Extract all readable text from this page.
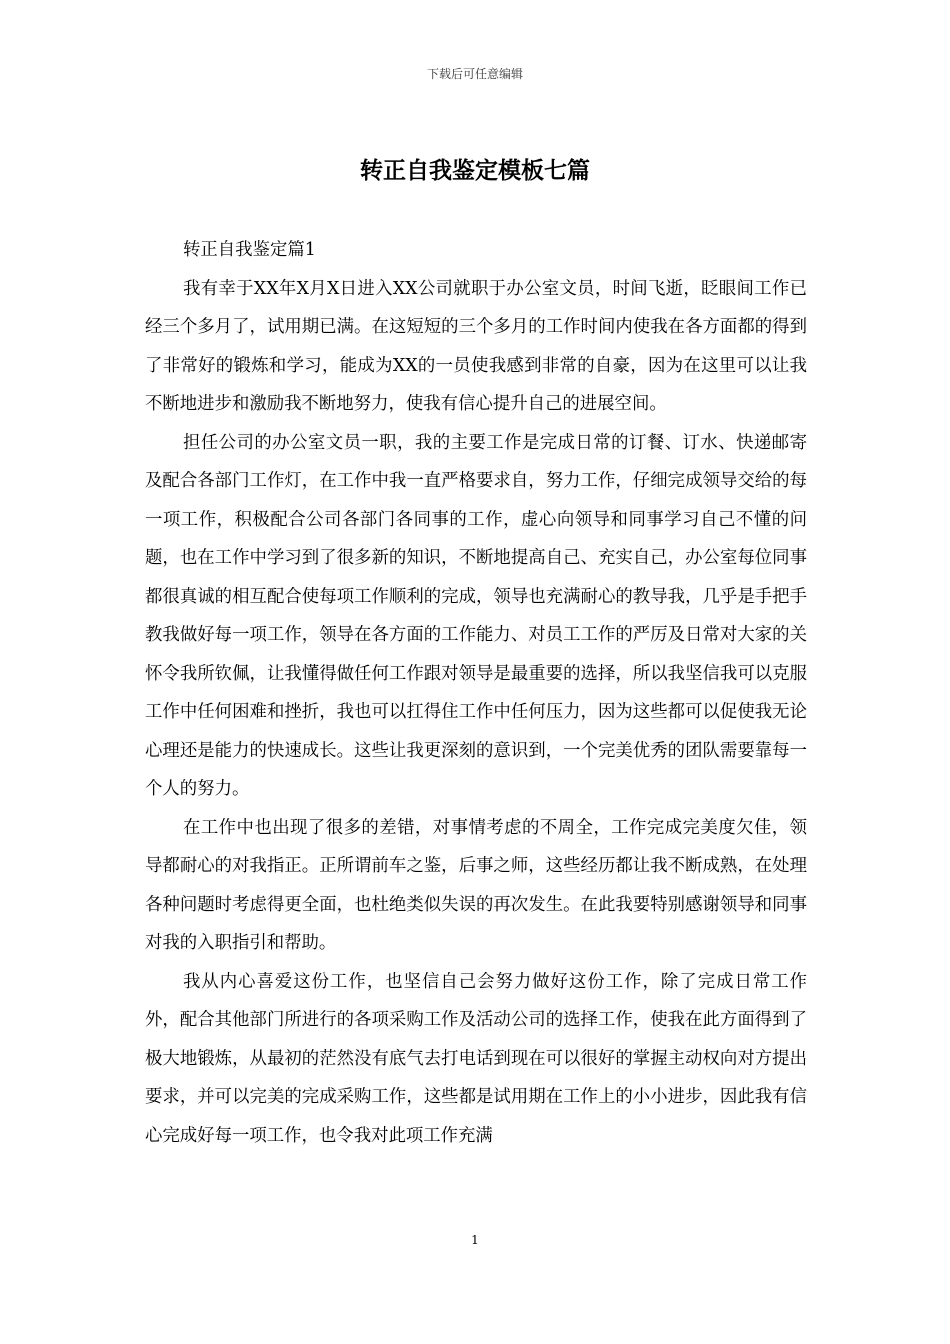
下载后可任意编辑
转正自我鉴定模板七篇

转正自我鉴定篇1

我有幸于XX年X月X日进入XX公司就职于办公室文员，时间飞逝，眨眼间工作已经三个多月了，试用期已满。在这短短的三个多月的工作时间内使我在各方面都的得到了非常好的锻炼和学习，能成为XX的一员使我感到非常的自豪，因为在这里可以让我不断地进步和激励我不断地努力，使我有信心提升自己的进展空间。

担任公司的办公室文员一职，我的主要工作是完成日常的订餐、订水、快递邮寄及配合各部门工作灯，在工作中我一直严格要求自，努力工作，仔细完成领导交给的每一项工作，积极配合公司各部门各同事的工作，虚心向领导和同事学习自己不懂的问题，也在工作中学习到了很多新的知识，不断地提高自己、充实自己，办公室每位同事都很真诚的相互配合使每项工作顺利的完成，领导也充满耐心的教导我，几乎是手把手教我做好每一项工作，领导在各方面的工作能力、对员工工作的严厉及日常对大家的关怀令我所钦佩，让我懂得做任何工作跟对领导是最重要的选择，所以我坚信我可以克服工作中任何困难和挫折，我也可以扛得住工作中任何压力，因为这些都可以促使我无论心理还是能力的快速成长。这些让我更深刻的意识到，一个完美优秀的团队需要靠每一个人的努力。

在工作中也出现了很多的差错，对事情考虑的不周全，工作完成完美度欠佳，领导都耐心的对我指正。正所谓前车之鉴，后事之师，这些经历都让我不断成熟，在处理各种问题时考虑得更全面，也杜绝类似失误的再次发生。在此我要特别感谢领导和同事对我的入职指引和帮助。

我从内心喜爱这份工作，也坚信自己会努力做好这份工作，除了完成日常工作外，配合其他部门所进行的各项采购工作及活动公司的选择工作，使我在此方面得到了极大地锻炼，从最初的茫然没有底气去打电话到现在可以很好的掌握主动权向对方提出要求，并可以完美的完成采购工作，这些都是试用期在工作上的小小进步，因此我有信心完成好每一项工作，也令我对此项工作充满

1
